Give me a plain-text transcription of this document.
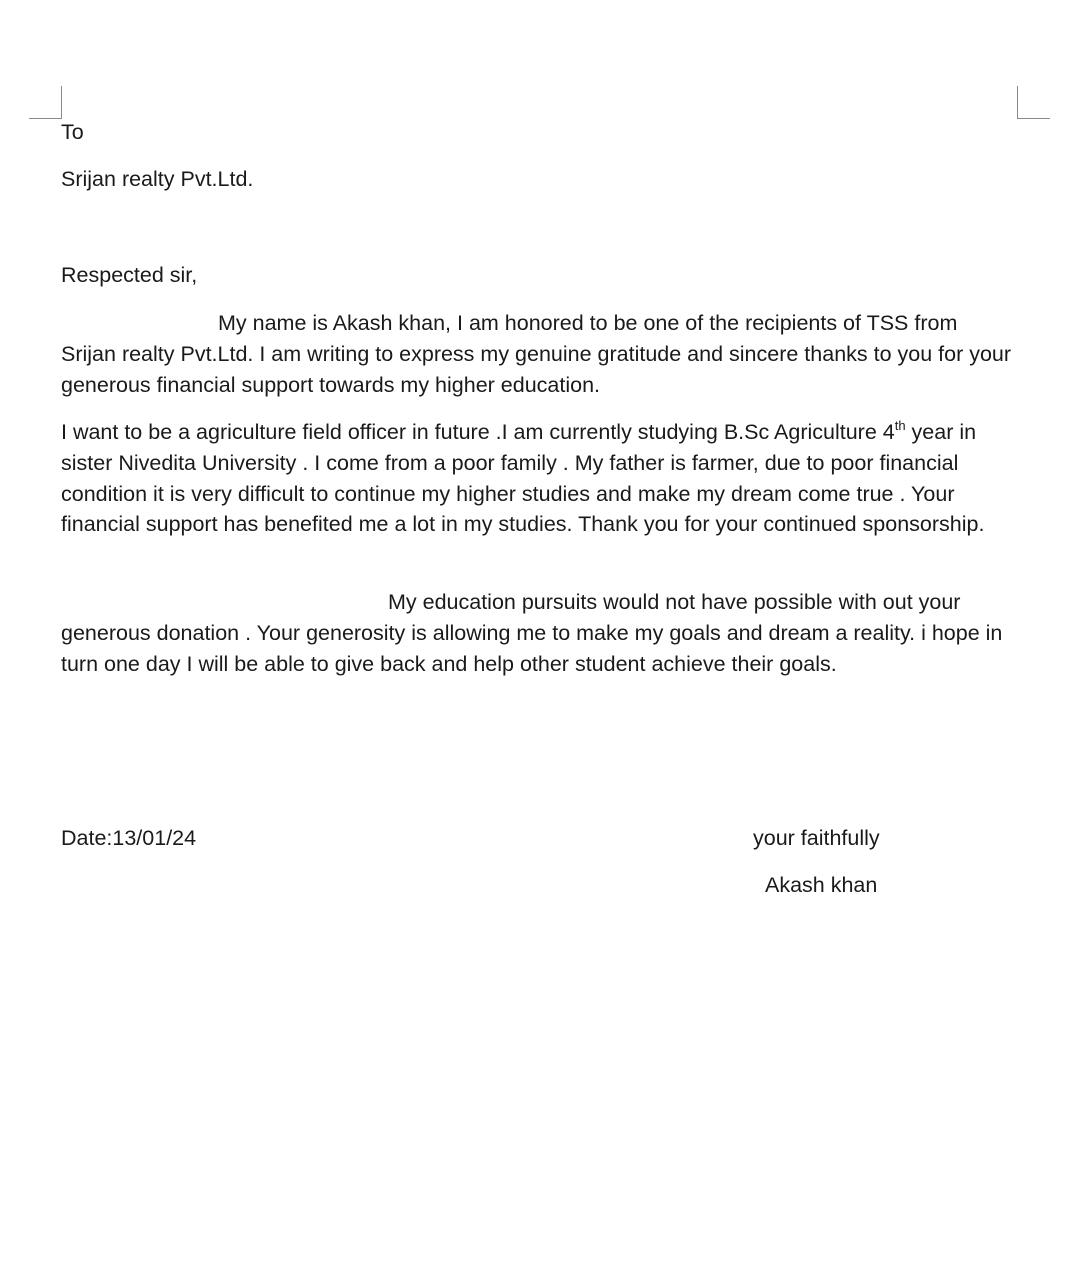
To
Srijan realty Pvt.Ltd.
Respected sir,

My name is Akash khan, I am honored to be one of the recipients of TSS from Srijan realty Pvt.Ltd. I am writing to express my genuine gratitude and sincere thanks to you for your generous financial support towards my higher education.

I want to be a agriculture field officer in future .I am currently studying B.Sc Agriculture 4th year in sister Nivedita University . I come from a poor family . My father is farmer, due to poor financial condition it is very difficult to continue my higher studies and make my dream come true . Your financial support has benefited me a lot in my studies. Thank you for your continued sponsorship.

My education pursuits would not have possible with out your generous donation . Your generosity is allowing me to make my goals and dream a reality. i hope in turn one day I will be able to give back and help other student achieve their goals.

Date:13/01/24	your faithfully
Akash khan
